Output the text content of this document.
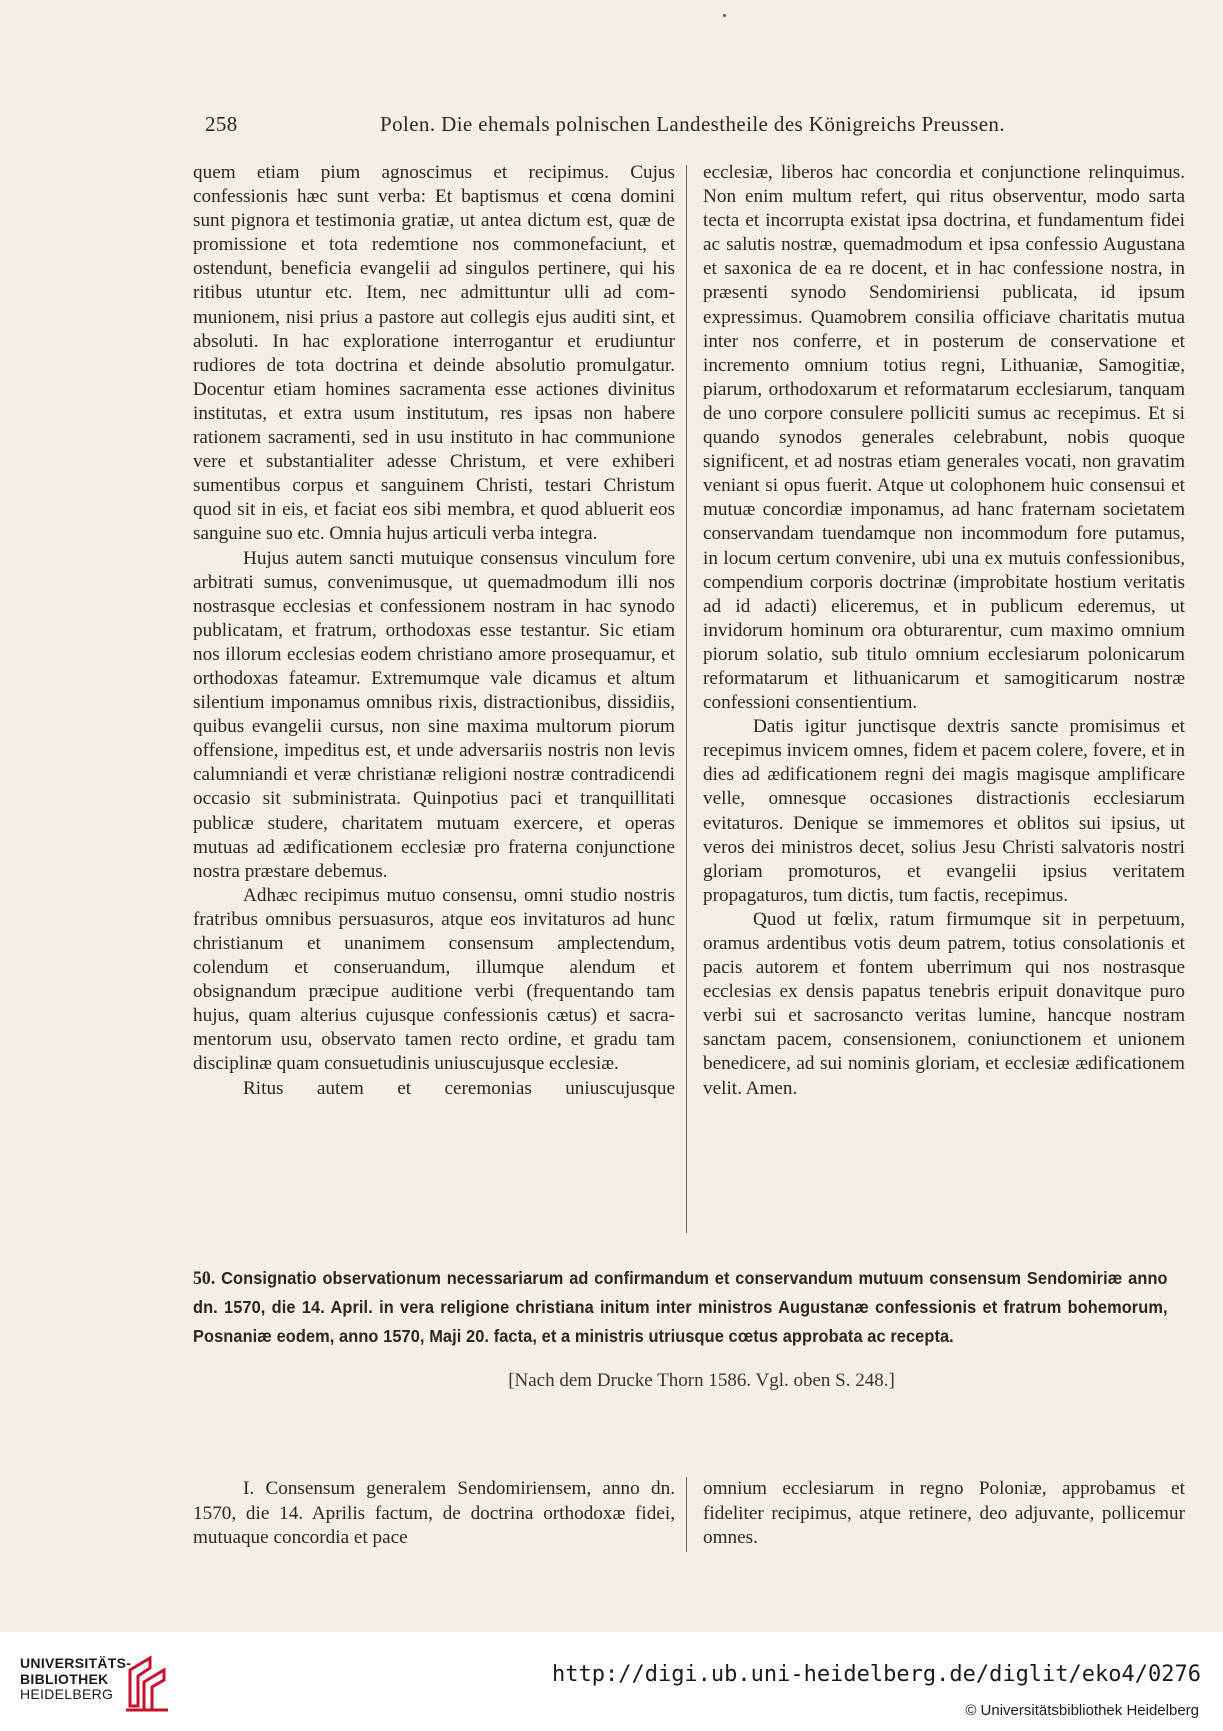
258	Polen. Die ehemals polnischen Landestheile des Königreichs Preussen.

quem etiam pium agnoscimus et recipimus. Cujus confessionis hæc sunt verba: Et baptismus et cœna domini sunt pignora et testimonia gratiæ, ut antea dictum est, quæ de promissione et tota redemtione nos commonefaciunt, et ostendunt, beneficia evangelii ad singulos pertinere, qui his ritibus utuntur etc. Item, nec admittuntur ulli ad communionem, nisi prius a pastore aut collegis ejus auditi sint, et absoluti. In hac exploratione interrogantur et erudiuntur rudiores de tota doctrina et deinde absolutio promulgatur. Docentur etiam homines sacramenta esse actiones divinitus institutas, et extra usum institutum, res ipsas non habere rationem sacramenti, sed in usu instituto in hac communione vere et substantialiter adesse Christum, et vere exhiberi sumentibus corpus et sanguinem Christi, testari Christum quod sit in eis, et faciat eos sibi membra, et quod abluerit eos sanguine suo etc. Omnia hujus articuli verba integra.

Hujus autem sancti mutuique consensus vinculum fore arbitrati sumus, convenimusque, ut quemadmodum illi nos nostrasque ecclesias et confessionem nostram in hac synodo publicatam, et fratrum, orthodoxas esse testantur. Sic etiam nos illorum ecclesias eodem christiano amore prosequamur, et orthodoxas fateamur. Extremumque vale dicamus et altum silentium imponamus omnibus rixis, distractionibus, dissidiis, quibus evangelii cursus, non sine maxima multorum piorum offensione, impeditus est, et unde adversariis nostris non levis calumniandi et veræ christianæ religioni nostræ contradicendi occasio sit subministrata. Quinpotius paci et tranquillitati publicæ studere, charitatem mutuam exercere, et operas mutuas ad ædificationem ecclesiæ pro fraterna conjunctione nostra præstare debemus.

Adhæc recipimus mutuo consensu, omni studio nostris fratribus omnibus persuasuros, atque eos invitaturos ad hunc christianum et unanimem consensum amplectendum, colendum et conseruandum, illumque alendum et obsignandum præcipue auditione verbi (frequentando tam hujus, quam alterius cujusque confessionis cætus) et sacramentorum usu, observato tamen recto ordine, et gradu tam disciplinæ quam consuetudinis uniuscujusque ecclesiæ.

Ritus autem et ceremonias uniuscujusque

ecclesiæ, liberos hac concordia et conjunctione relinquimus. Non enim multum refert, qui ritus observentur, modo sarta tecta et incorrupta existat ipsa doctrina, et fundamentum fidei ac salutis nostræ, quemadmodum et ipsa confessio Augustana et saxonica de ea re docent, et in hac confessione nostra, in præsenti synodo Sendomiriensi publicata, id ipsum expressimus. Quamobrem consilia officiave charitatis mutua inter nos conferre, et in posterum de conservatione et incremento omnium totius regni, Lithuaniæ, Samogitiæ, piarum, orthodoxarum et reformatarum ecclesiarum, tanquam de uno corpore consulere polliciti sumus ac recepimus. Et si quando synodos generales celebrabunt, nobis quoque significent, et ad nostras etiam generales vocati, non gravatim veniant si opus fuerit. Atque ut colophonem huic consensui et mutuæ concordiæ imponamus, ad hanc fraternam societatem conservandam tuendamque non incommodum fore putamus, in locum certum convenire, ubi una ex mutuis confessionibus, compendium corporis doctrinæ (improbitate hostium veritatis ad id adacti) eliceremus, et in publicum ederemus, ut invidorum hominum ora obturarentur, cum maximo omnium piorum solatio, sub titulo omnium ecclesiarum polonicarum reformatarum et lithuanicarum et samogiticarum nostræ confessioni consentientium.

Datis igitur junctisque dextris sancte promisimus et recepimus invicem omnes, fidem et pacem colere, fovere, et in dies ad ædificationem regni dei magis magisque amplificare velle, omnesque occasiones distractionis ecclesiarum evitaturos. Denique se immemores et oblitos sui ipsius, ut veros dei ministros decet, solius Jesu Christi salvatoris nostri gloriam promoturos, et evangelii ipsius veritatem propagaturos, tum dictis, tum factis, recepimus.

Quod ut fœlix, ratum firmumque sit in perpetuum, oramus ardentibus votis deum patrem, totius consolationis et pacis autorem et fontem uberrimum qui nos nostrasque ecclesias ex densis papatus tenebris eripuit donavitque puro verbi sui et sacrosancto veritas lumine, hancque nostram sanctam pacem, consensionem, coniunctionem et unionem benedicere, ad sui nominis gloriam, et ecclesiæ ædificationem velit. Amen.

50. Consignatio observationum necessariarum ad confirmandum et conservandum mutuum consensum Sendomiriæ anno dn. 1570, die 14. April. in vera religione christiana initum inter ministros Augustanæ confessionis et fratrum bohemorum, Posnaniæ eodem, anno 1570, Maji 20. facta, et a ministris utriusque cœtus approbata ac recepta.
[Nach dem Drucke Thorn 1586. Vgl. oben S. 248.]

I. Consensum generalem Sendomiriensem, anno dn. 1570, die 14. Aprilis factum, de doctrina orthodoxæ fidei, mutuaque concordia et pace

omnium ecclesiarum in regno Poloniæ, approbamus et fideliter recipimus, atque retinere, deo adjuvante, pollicemur omnes.

UNIVERSITÄTS-
BIBLIOTHEK
HEIDELBERG
http://digi.ub.uni-heidelberg.de/diglit/eko4/0276
© Universitätsbibliothek Heidelberg
